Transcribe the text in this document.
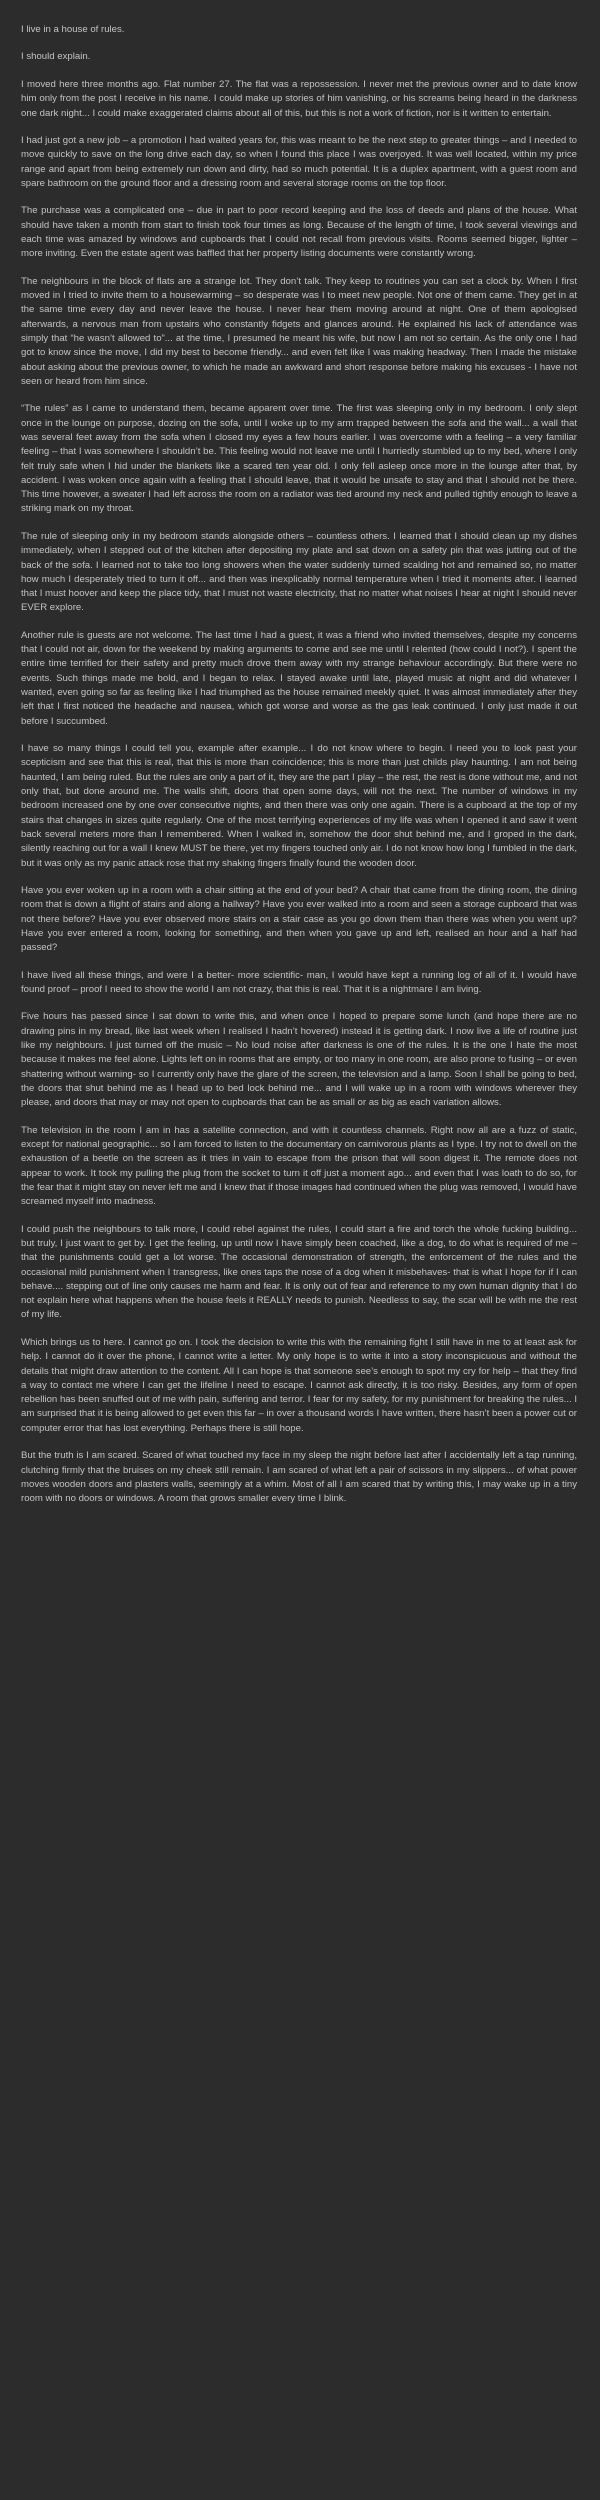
I live in a house of rules.

I should explain.

I moved here three months ago. Flat number 27. The flat was a repossession. I never met the previous owner and to date know him only from the post I receive in his name. I could make up stories of him vanishing, or his screams being heard in the darkness one dark night... I could make exaggerated claims about all of this, but this is not a work of fiction, nor is it written to entertain.

I had just got a new job – a promotion I had waited years for, this was meant to be the next step to greater things – and I needed to move quickly to save on the long drive each day, so when I found this place I was overjoyed. It was well located, within my price range and apart from being extremely run down and dirty, had so much potential. It is a duplex apartment, with a guest room and spare bathroom on the ground floor and a dressing room and several storage rooms on the top floor.

The purchase was a complicated one – due in part to poor record keeping and the loss of deeds and plans of the house. What should have taken a month from start to finish took four times as long. Because of the length of time, I took several viewings and each time was amazed by windows and cupboards that I could not recall from previous visits. Rooms seemed bigger, lighter – more inviting. Even the estate agent was baffled that her property listing documents were constantly wrong.

The neighbours in the block of flats are a strange lot. They don’t talk. They keep to routines you can set a clock by. When I first moved in I tried to invite them to a housewarming – so desperate was I to meet new people. Not one of them came. They get in at the same time every day and never leave the house. I never hear them moving around at night. One of them apologised afterwards, a nervous man from upstairs who constantly fidgets and glances around. He explained his lack of attendance was simply that “he wasn’t allowed to”... at the time, I presumed he meant his wife, but now I am not so certain. As the only one I had got to know since the move, I did my best to become friendly... and even felt like I was making headway. Then I made the mistake about asking about the previous owner, to which he made an awkward and short response before making his excuses - I have not seen or heard from him since.

“The rules” as I came to understand them, became apparent over time. The first was sleeping only in my bedroom. I only slept once in the lounge on purpose, dozing on the sofa, until I woke up to my arm trapped between the sofa and the wall... a wall that was several feet away from the sofa when I closed my eyes a few hours earlier. I was overcome with a feeling – a very familiar feeling – that I was somewhere I shouldn’t be. This feeling would not leave me until I hurriedly stumbled up to my bed, where I only felt truly safe when I hid under the blankets like a scared ten year old. I only fell asleep once more in the lounge after that, by accident. I was woken once again with a feeling that I should leave, that it would be unsafe to stay and that I should not be there. This time however, a sweater I had left across the room on a radiator was tied around my neck and pulled tightly enough to leave a striking mark on my throat.

The rule of sleeping only in my bedroom stands alongside others – countless others. I learned that I should clean up my dishes immediately, when I stepped out of the kitchen after depositing my plate and sat down on a safety pin that was jutting out of the back of the sofa. I learned not to take too long showers when the water suddenly turned scalding hot and remained so, no matter how much I desperately tried to turn it off... and then was inexplicably normal temperature when I tried it moments after. I learned that I must hoover and keep the place tidy, that I must not waste electricity, that no matter what noises I hear at night I should never EVER explore.

Another rule is guests are not welcome. The last time I had a guest, it was a friend who invited themselves, despite my concerns that I could not air, down for the weekend by making arguments to come and see me until I relented (how could I not?). I spent the entire time terrified for their safety and pretty much drove them away with my strange behaviour accordingly. But there were no events. Such things made me bold, and I began to relax. I stayed awake until late, played music at night and did whatever I wanted, even going so far as feeling like I had triumphed as the house remained meekly quiet. It was almost immediately after they left that I first noticed the headache and nausea, which got worse and worse as the gas leak continued. I only just made it out before I succumbed.

I have so many things I could tell you, example after example... I do not know where to begin. I need you to look past your scepticism and see that this is real, that this is more than coincidence; this is more than just childs play haunting. I am not being haunted, I am being ruled. But the rules are only a part of it, they are the part I play – the rest, the rest is done without me, and not only that, but done around me. The walls shift, doors that open some days, will not the next. The number of windows in my bedroom increased one by one over consecutive nights, and then there was only one again. There is a cupboard at the top of my stairs that changes in sizes quite regularly. One of the most terrifying experiences of my life was when I opened it and saw it went back several meters more than I remembered. When I walked in, somehow the door shut behind me, and I groped in the dark, silently reaching out for a wall I knew MUST be there, yet my fingers touched only air. I do not know how long I fumbled in the dark, but it was only as my panic attack rose that my shaking fingers finally found the wooden door.

Have you ever woken up in a room with a chair sitting at the end of your bed? A chair that came from the dining room, the dining room that is down a flight of stairs and along a hallway? Have you ever walked into a room and seen a storage cupboard that was not there before? Have you ever observed more stairs on a stair case as you go down them than there was when you went up? Have you ever entered a room, looking for something, and then when you gave up and left, realised an hour and a half had passed?

I have lived all these things, and were I a better- more scientific- man, I would have kept a running log of all of it. I would have found proof – proof I need to show the world I am not crazy, that this is real. That it is a nightmare I am living.

Five hours has passed since I sat down to write this, and when once I hoped to prepare some lunch (and hope there are no drawing pins in my bread, like last week when I realised I hadn’t hovered) instead it is getting dark. I now live a life of routine just like my neighbours. I just turned off the music – No loud noise after darkness is one of the rules. It is the one I hate the most because it makes me feel alone. Lights left on in rooms that are empty, or too many in one room, are also prone to fusing – or even shattering without warning- so I currently only have the glare of the screen, the television and a lamp. Soon I shall be going to bed, the doors that shut behind me as I head up to bed lock behind me... and I will wake up in a room with windows wherever they please, and doors that may or may not open to cupboards that can be as small or as big as each variation allows.

The television in the room I am in has a satellite connection, and with it countless channels. Right now all are a fuzz of static, except for national geographic... so I am forced to listen to the documentary on carnivorous plants as I type. I try not to dwell on the exhaustion of a beetle on the screen as it tries in vain to escape from the prison that will soon digest it. The remote does not appear to work. It took my pulling the plug from the socket to turn it off just a moment ago... and even that I was loath to do so, for the fear that it might stay on never left me and I knew that if those images had continued when the plug was removed, I would have screamed myself into madness.

I could push the neighbours to talk more, I could rebel against the rules, I could start a fire and torch the whole fucking building... but truly, I just want to get by. I get the feeling, up until now I have simply been coached, like a dog, to do what is required of me – that the punishments could get a lot worse. The occasional demonstration of strength, the enforcement of the rules and the occasional mild punishment when I transgress, like ones taps the nose of a dog when it misbehaves- that is what I hope for if I can behave.... stepping out of line only causes me harm and fear. It is only out of fear and reference to my own human dignity that I do not explain here what happens when the house feels it REALLY needs to punish. Needless to say, the scar will be with me the rest of my life.

Which brings us to here. I cannot go on. I took the decision to write this with the remaining fight I still have in me to at least ask for help. I cannot do it over the phone, I cannot write a letter. My only hope is to write it into a story inconspicuous and without the details that might draw attention to the content. All I can hope is that someone see’s enough to spot my cry for help – that they find a way to contact me where I can get the lifeline I need to escape. I cannot ask directly, it is too risky. Besides, any form of open rebellion has been snuffed out of me with pain, suffering and terror. I fear for my safety, for my punishment for breaking the rules... I am surprised that it is being allowed to get even this far – in over a thousand words I have written, there hasn’t been a power cut or computer error that has lost everything. Perhaps there is still hope.

But the truth is I am scared. Scared of what touched my face in my sleep the night before last after I accidentally left a tap running, clutching firmly that the bruises on my cheek still remain. I am scared of what left a pair of scissors in my slippers... of what power moves wooden doors and plasters walls, seemingly at a whim. Most of all I am scared that by writing this, I may wake up in a tiny room with no doors or windows. A room that grows smaller every time I blink.
